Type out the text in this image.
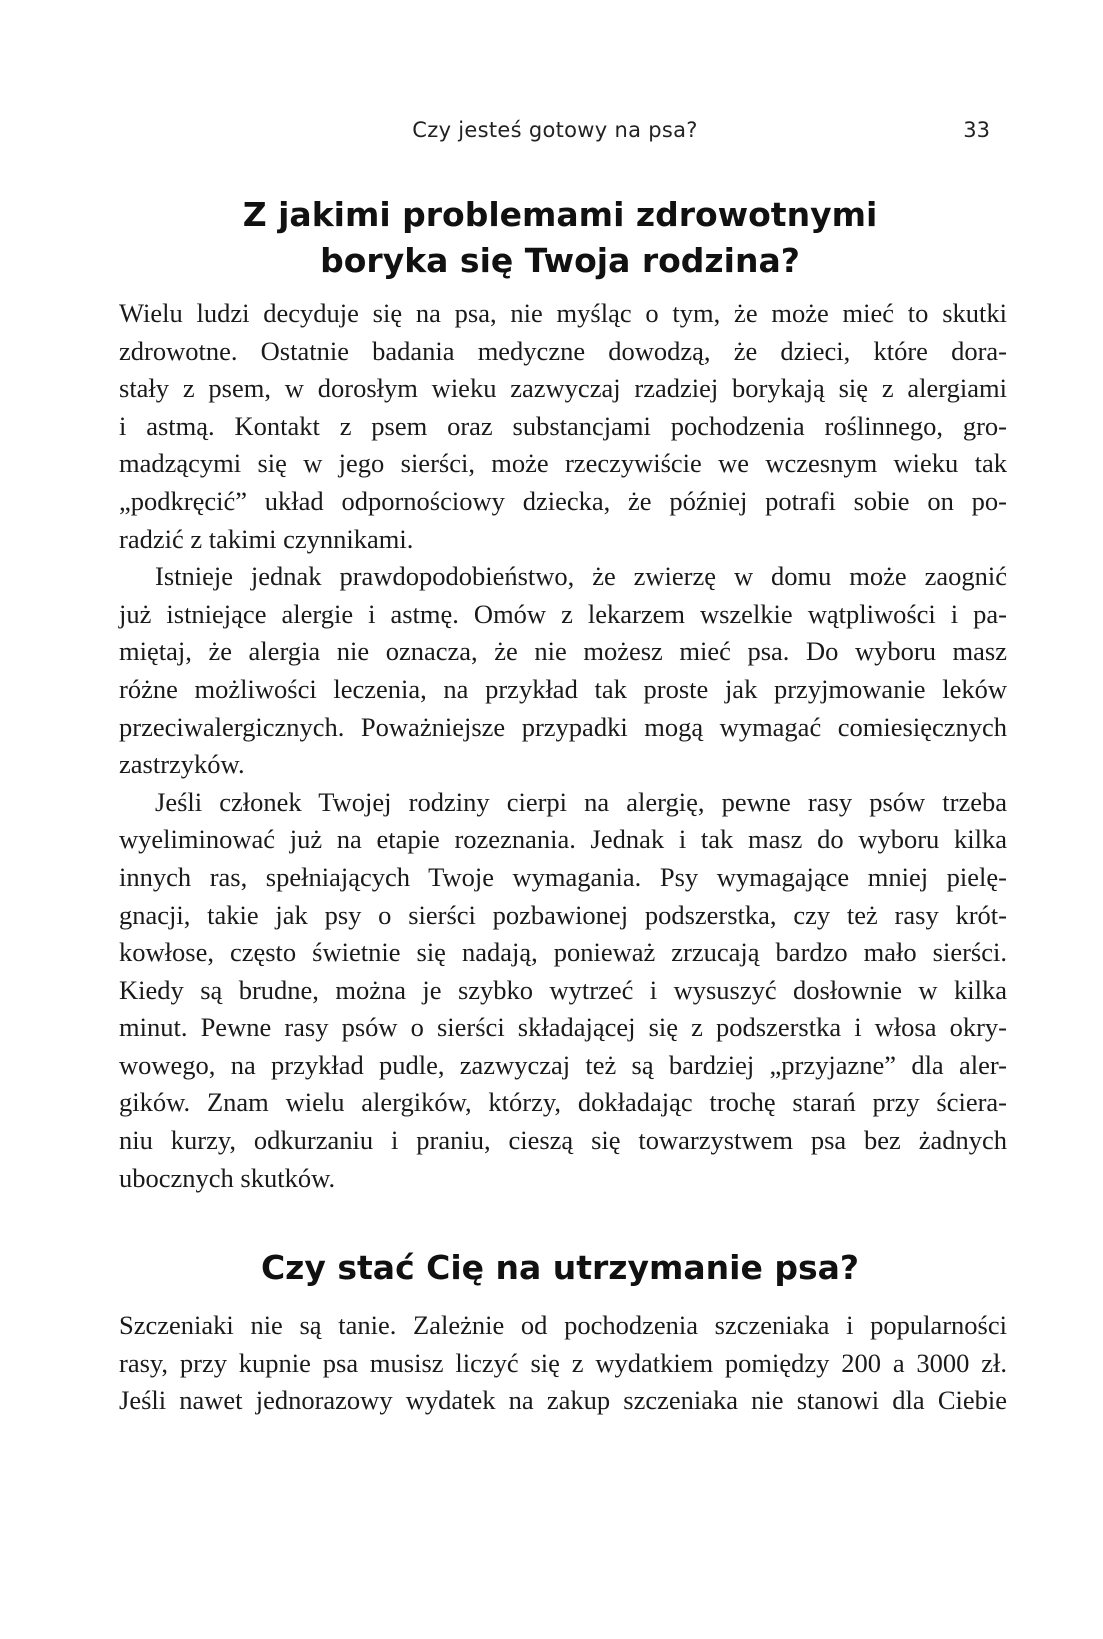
Czy jesteś gotowy na psa?	33
Z jakimi problemami zdrowotnymi
boryka się Twoja rodzina?

Wielu ludzi decyduje się na psa, nie myśląc o tym, że może mieć to skutki
zdrowotne. Ostatnie badania medyczne dowodzą, że dzieci, które dora-
stały z psem, w dorosłym wieku zazwyczaj rzadziej borykają się z alergiami
i astmą. Kontakt z psem oraz substancjami pochodzenia roślinnego, gro-
madzącymi się w jego sierści, może rzeczywiście we wczesnym wieku tak
„podkręcić” układ odpornościowy dziecka, że później potrafi sobie on po-
radzić z takimi czynnikami.

Istnieje jednak prawdopodobieństwo, że zwierzę w domu może zaognić
już istniejące alergie i astmę. Omów z lekarzem wszelkie wątpliwości i pa-
miętaj, że alergia nie oznacza, że nie możesz mieć psa. Do wyboru masz
różne możliwości leczenia, na przykład tak proste jak przyjmowanie leków
przeciwalergicznych. Poważniejsze przypadki mogą wymagać comiesięcznych
zastrzyków.

Jeśli członek Twojej rodziny cierpi na alergię, pewne rasy psów trzeba
wyeliminować już na etapie rozeznania. Jednak i tak masz do wyboru kilka
innych ras, spełniających Twoje wymagania. Psy wymagające mniej pielę-
gnacji, takie jak psy o sierści pozbawionej podszerstka, czy też rasy krót-
kowłose, często świetnie się nadają, ponieważ zrzucają bardzo mało sierści.
Kiedy są brudne, można je szybko wytrzeć i wysuszyć dosłownie w kilka
minut. Pewne rasy psów o sierści składającej się z podszerstka i włosa okry-
wowego, na przykład pudle, zazwyczaj też są bardziej „przyjazne” dla aler-
gików. Znam wielu alergików, którzy, dokładając trochę starań przy ściera-
niu kurzy, odkurzaniu i praniu, cieszą się towarzystwem psa bez żadnych
ubocznych skutków.

Czy stać Cię na utrzymanie psa?

Szczeniaki nie są tanie. Zależnie od pochodzenia szczeniaka i popularności
rasy, przy kupnie psa musisz liczyć się z wydatkiem pomiędzy 200 a 3000 zł.
Jeśli nawet jednorazowy wydatek na zakup szczeniaka nie stanowi dla Ciebie
